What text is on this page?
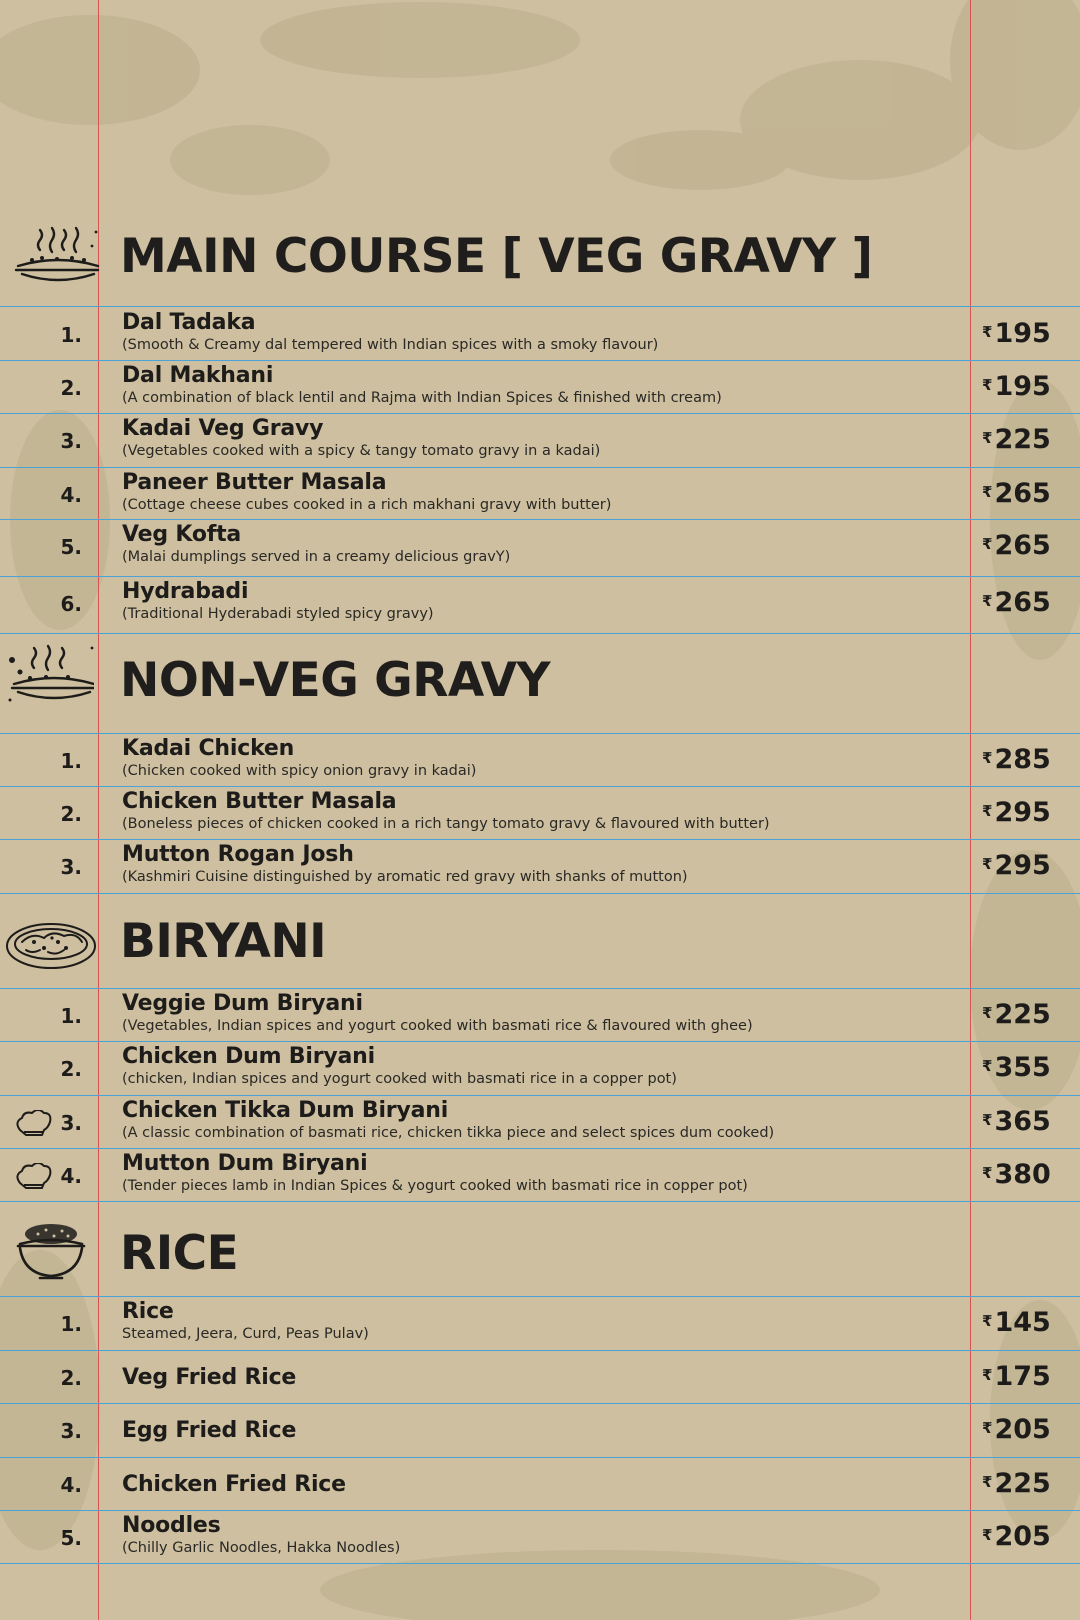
MAIN COURSE [ VEG GRAVY ]
NON-VEG GRAVY
BIRYANI
RICE
1. Dal Tadaka
(Smooth & Creamy dal tempered with Indian spices with a smoky flavour)
₹195
2. Dal Makhani
(A combination of black lentil and Rajma with Indian Spices & finished with cream)
₹195
3. Kadai Veg Gravy
(Vegetables cooked with a spicy & tangy tomato gravy in a kadai)
₹225
4. Paneer Butter Masala
(Cottage cheese cubes cooked in a rich makhani gravy with butter)
₹265
5. Veg Kofta
(Malai dumplings served in a creamy delicious gravY)
₹265
6. Hydrabadi
(Traditional Hyderabadi styled spicy gravy)
₹265
1. Kadai Chicken
(Chicken cooked with spicy onion gravy in kadai)
₹285
2. Chicken Butter Masala
(Boneless pieces of chicken cooked in a rich tangy tomato gravy & flavoured with butter)
₹295
3. Mutton Rogan Josh
(Kashmiri Cuisine distinguished by aromatic red gravy with shanks of mutton)
₹295
1. Veggie Dum Biryani
(Vegetables, Indian spices and yogurt cooked with basmati rice & flavoured with ghee)
₹225
2. Chicken Dum Biryani
(chicken, Indian spices and yogurt cooked with basmati rice in a copper pot)
₹355
3. Chicken Tikka Dum Biryani
(A classic combination of basmati rice, chicken tikka piece and select spices dum cooked)
₹365
4. Mutton Dum Biryani
(Tender pieces lamb in Indian Spices & yogurt cooked with basmati rice in copper pot)
₹380
1. Rice
Steamed, Jeera, Curd, Peas Pulav)
₹145
2. Veg Fried Rice	₹175
3. Egg Fried Rice	₹205
4. Chicken Fried Rice	₹225
5. Noodles
(Chilly Garlic Noodles, Hakka Noodles)
₹205
